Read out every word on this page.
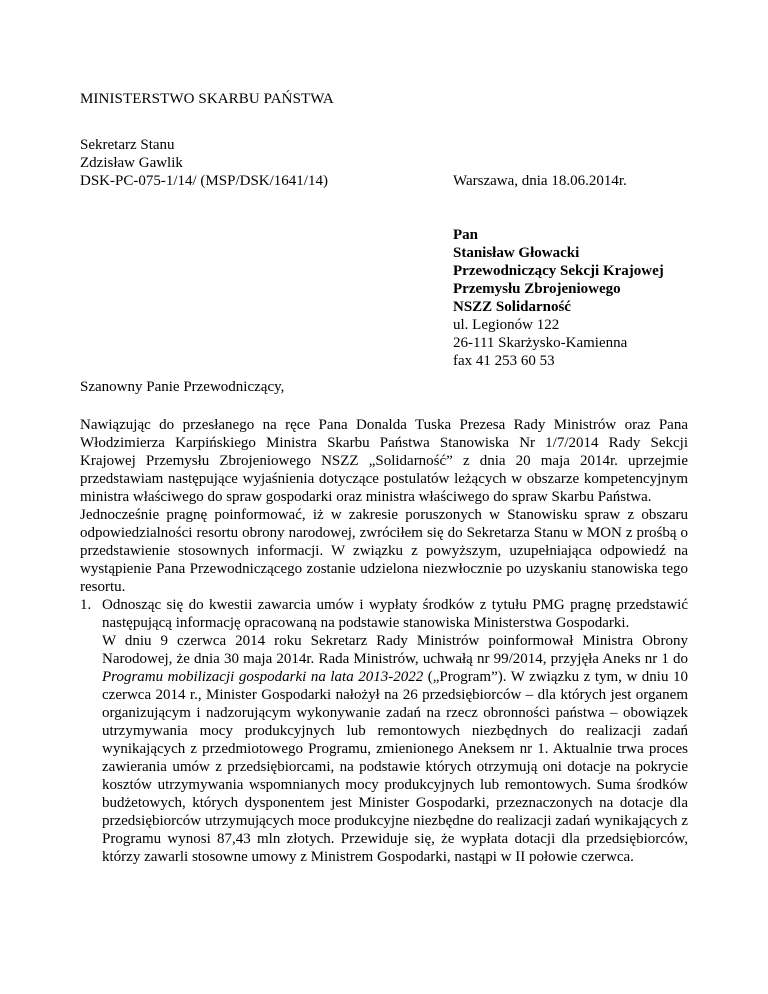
MINISTERSTWO SKARBU PAŃSTWA
Sekretarz Stanu
Zdzisław Gawlik
DSK-PC-075-1/14/ (MSP/DSK/1641/14)	Warszawa, dnia 18.06.2014r.
Pan
Stanisław Głowacki
Przewodniczący Sekcji Krajowej
Przemysłu Zbrojeniowego
NSZZ Solidarność
ul. Legionów 122
26-111 Skarżysko-Kamienna
fax 41 253 60 53
Szanowny Panie Przewodniczący,
Nawiązując do przesłanego na ręce Pana Donalda Tuska Prezesa Rady Ministrów oraz Pana Włodzimierza Karpińskiego Ministra Skarbu Państwa Stanowiska Nr 1/7/2014 Rady Sekcji Krajowej Przemysłu Zbrojeniowego NSZZ „Solidarność” z dnia 20 maja 2014r. uprzejmie przedstawiam następujące wyjaśnienia dotyczące postulatów leżących w obszarze kompetencyjnym ministra właściwego do spraw gospodarki oraz ministra właściwego do spraw Skarbu Państwa.
Jednocześnie pragnę poinformować, iż w zakresie poruszonych w Stanowisku spraw z obszaru odpowiedzialności resortu obrony narodowej, zwróciłem się do Sekretarza Stanu w MON z prośbą o przedstawienie stosownych informacji. W związku z powyższym, uzupełniająca odpowiedź na wystąpienie Pana Przewodniczącego zostanie udzielona niezwłocznie po uzyskaniu stanowiska tego resortu.
1. Odnosząc się do kwestii zawarcia umów i wypłaty środków z tytułu PMG pragnę przedstawić następującą informację opracowaną na podstawie stanowiska Ministerstwa Gospodarki.

W dniu 9 czerwca 2014 roku Sekretarz Rady Ministrów poinformował Ministra Obrony Narodowej, że dnia 30 maja 2014r. Rada Ministrów, uchwałą nr 99/2014, przyjęła Aneks nr 1 do Programu mobilizacji gospodarki na lata 2013-2022 („Program”). W związku z tym, w dniu 10 czerwca 2014 r., Minister Gospodarki nałożył na 26 przedsiębiorców – dla których jest organem organizującym i nadzorującym wykonywanie zadań na rzecz obronności państwa – obowiązek utrzymywania mocy produkcyjnych lub remontowych niezbędnych do realizacji zadań wynikających z przedmiotowego Programu, zmienionego Aneksem nr 1. Aktualnie trwa proces zawierania umów z przedsiębiorcami, na podstawie których otrzymują oni dotacje na pokrycie kosztów utrzymywania wspomnianych mocy produkcyjnych lub remontowych. Suma środków budżetowych, których dysponentem jest Minister Gospodarki, przeznaczonych na dotacje dla przedsiębiorców utrzymujących moce produkcyjne niezbędne do realizacji zadań wynikających z Programu wynosi 87,43 mln złotych. Przewiduje się, że wypłata dotacji dla przedsiębiorców, którzy zawarli stosowne umowy z Ministrem Gospodarki, nastąpi w II połowie czerwca.
